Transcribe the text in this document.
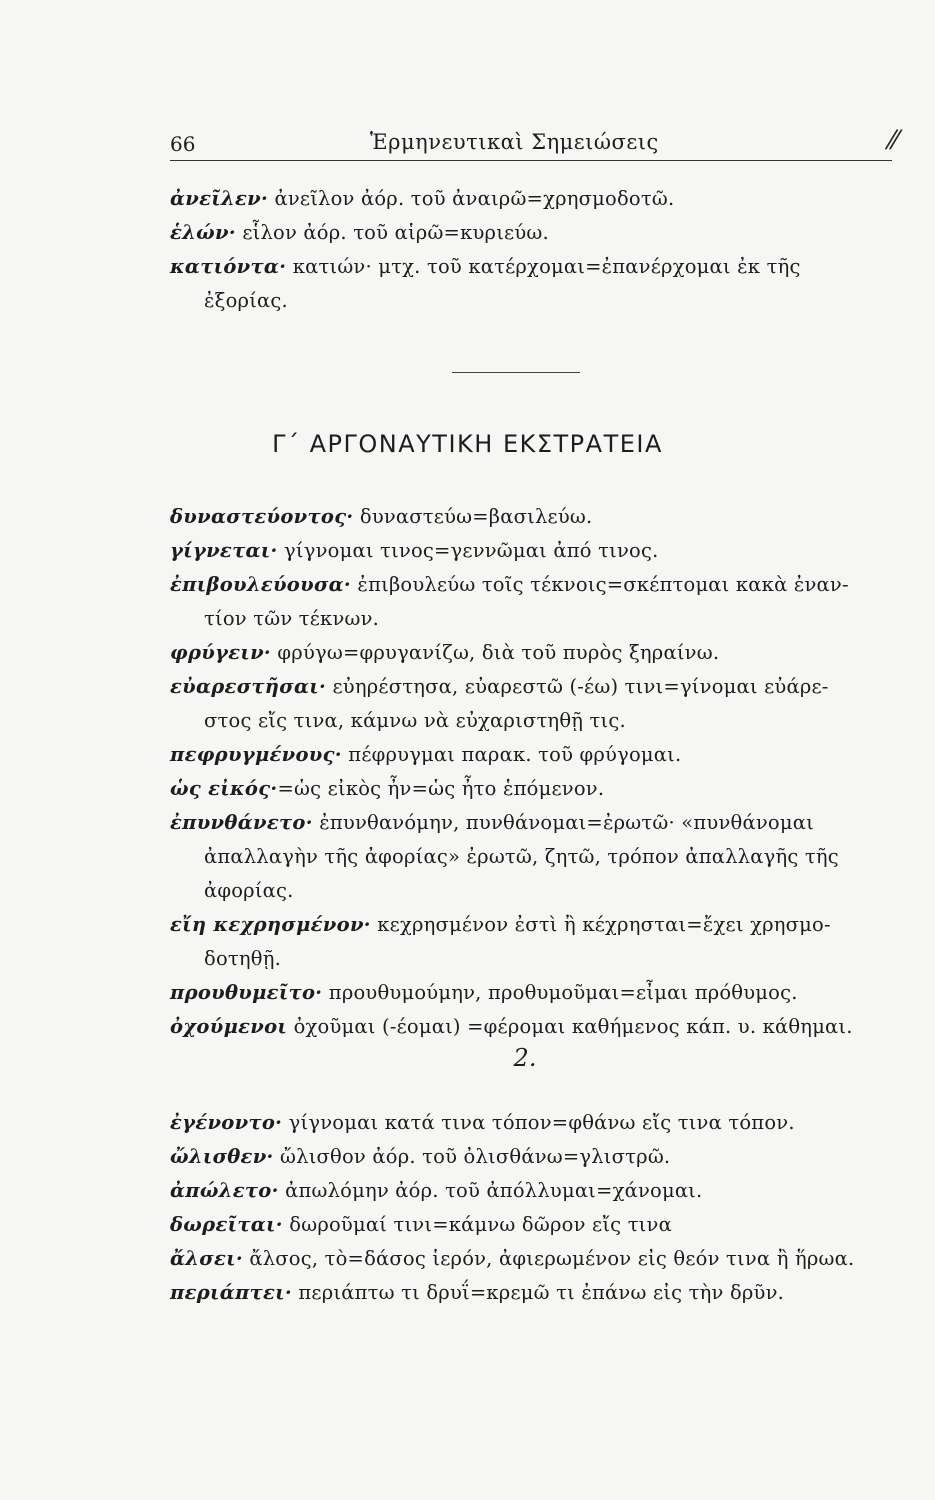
66	Ἑρμηνευτικαὶ Σημειώσεις	⁄⁄
ἀνεῖλεν· ἀνεῖλον ἀόρ. τοῦ ἀναιρῶ=χρησμοδοτῶ.
ἑλών· εἷλον ἀόρ. τοῦ αἱρῶ=κυριεύω.
κατιόντα· κατιών· μτχ. τοῦ κατέρχομαι=ἐπανέρχομαι ἐκ τῆς
ἐξορίας.
Γ΄ ΑΡΓΟΝΑΥΤΙΚΗ ΕΚΣΤΡΑΤΕΙΑ
δυναστεύοντος· δυναστεύω=βασιλεύω.
γίγνεται· γίγνομαι τινος=γεννῶμαι ἀπό τινος.
ἐπιβουλεύουσα· ἐπιβουλεύω τοῖς τέκνοις=σκέπτομαι κακὰ ἐναν-
τίον τῶν τέκνων.
φρύγειν· φρύγω=φρυγανίζω, διὰ τοῦ πυρὸς ξηραίνω.
εὐαρεστῆσαι· εὐηρέστησα, εὐαρεστῶ (-έω) τινι=γίνομαι εὐάρε-
στος εἴς τινα, κάμνω νὰ εὐχαριστηθῇ τις.
πεφρυγμένους· πέφρυγμαι παρακ. τοῦ φρύγομαι.
ὡς εἰκός·=ὡς εἰκὸς ἦν=ὡς ἦτο ἑπόμενον.
ἐπυνθάνετο· ἐπυνθανόμην, πυνθάνομαι=ἐρωτῶ· «πυνθάνομαι
ἀπαλλαγὴν τῆς ἀφορίας» ἐρωτῶ, ζητῶ, τρόπον ἀπαλλαγῆς τῆς
ἀφορίας.
εἴη κεχρησμένον· κεχρησμένον ἐστὶ ἢ κέχρησται=ἔχει χρησμο-
δοτηθῇ.
προυθυμεῖτο· προυθυμούμην, προθυμοῦμαι=εἶμαι πρόθυμος.
ὀχούμενοι ὀχοῦμαι (-έομαι) =φέρομαι καθήμενος κάπ. υ. κάθημαι.
2.
ἐγένοντο· γίγνομαι κατά τινα τόπον=φθάνω εἴς τινα τόπον.
ὤλισθεν· ὤλισθον ἀόρ. τοῦ ὀλισθάνω=γλιστρῶ.
ἀπώλετο· ἀπωλόμην ἀόρ. τοῦ ἀπόλλυμαι=χάνομαι.
δωρεῖται· δωροῦμαί τινι=κάμνω δῶρον εἴς τινα
ἄλσει· ἄλσος, τὸ=δάσος ἱερόν, ἀφιερωμένον εἰς θεόν τινα ἢ ἥρωα.
περιάπτει· περιάπτω τι δρυΐ=κρεμῶ τι ἐπάνω εἰς τὴν δρῦν.
